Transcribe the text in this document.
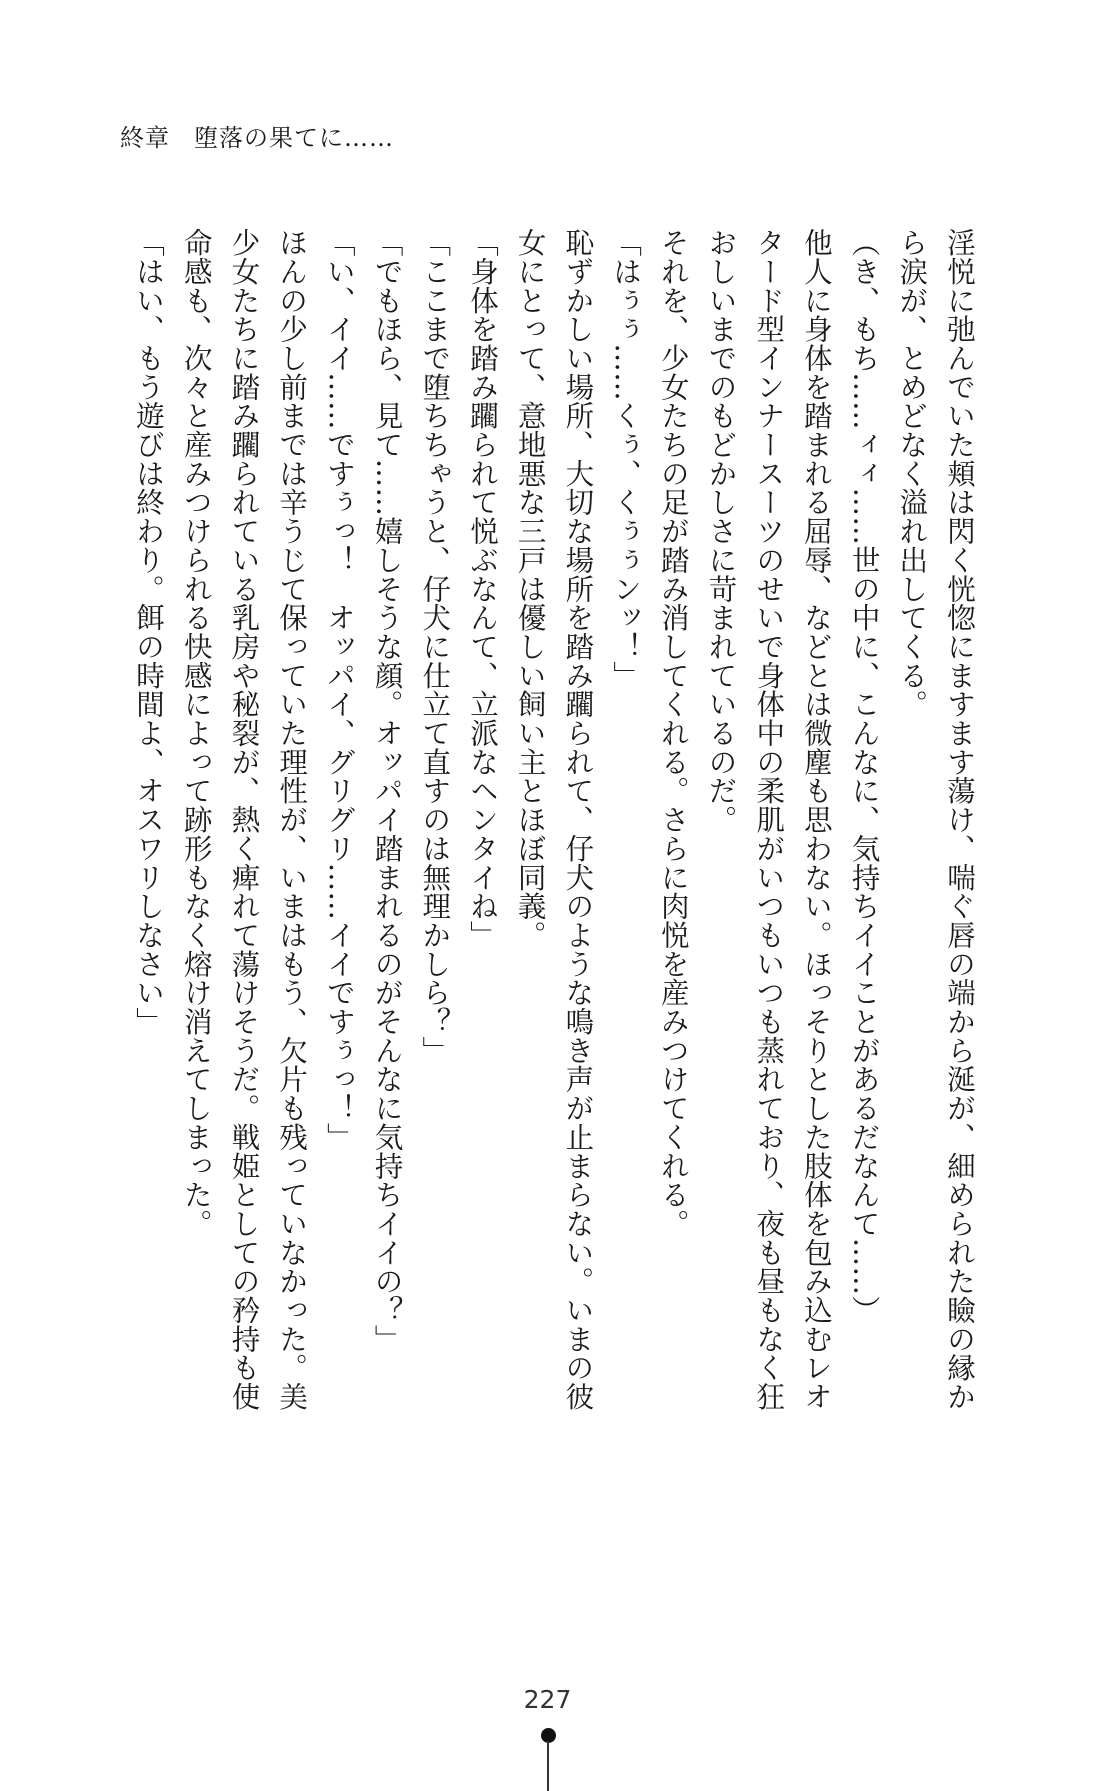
終章 堕落の果てに……

淫悦に弛んでいた頬は閃く恍惚にますます蕩け、喘ぐ唇の端から涎が、細められた瞼の縁から涙が、とめどなく溢れ出してくる。

（き、もち……ィィ……世の中に、こんなに、気持ちイイことがあるだなんて……）

他人に身体を踏まれる屈辱、などとは微塵も思わない。ほっそりとした肢体を包み込むレオタード型インナースーツのせいで身体中の柔肌がいつもいつも蒸れており、夜も昼もなく狂おしいまでのもどかしさに苛まれているのだ。

それを、少女たちの足が踏み消してくれる。さらに肉悦を産みつけてくれる。

「はぅぅ……くぅ、くぅぅンッ！」

恥ずかしい場所、大切な場所を踏み躙られて、仔犬のような鳴き声が止まらない。いまの彼女にとって、意地悪な三戸は優しい飼い主とほぼ同義。

「身体を踏み躙られて悦ぶなんて、立派なヘンタイね」

「ここまで堕ちちゃうと、仔犬に仕立て直すのは無理かしら？」

「でもほら、見て……嬉しそうな顔。オッパイ踏まれるのがそんなに気持ちイイの？」

「い、イイ……ですぅっ！　オッパイ、グリグリ……イイですぅっ！」

ほんの少し前までは辛うじて保っていた理性が、いまはもう、欠片も残っていなかった。美少女たちに踏み躙られている乳房や秘裂が、熱く痺れて蕩けそうだ。戦姫としての矜持も使命感も、次々と産みつけられる快感によって跡形もなく熔け消えてしまった。

「はい、もう遊びは終わり。餌の時間よ、オスワリしなさい」

227
